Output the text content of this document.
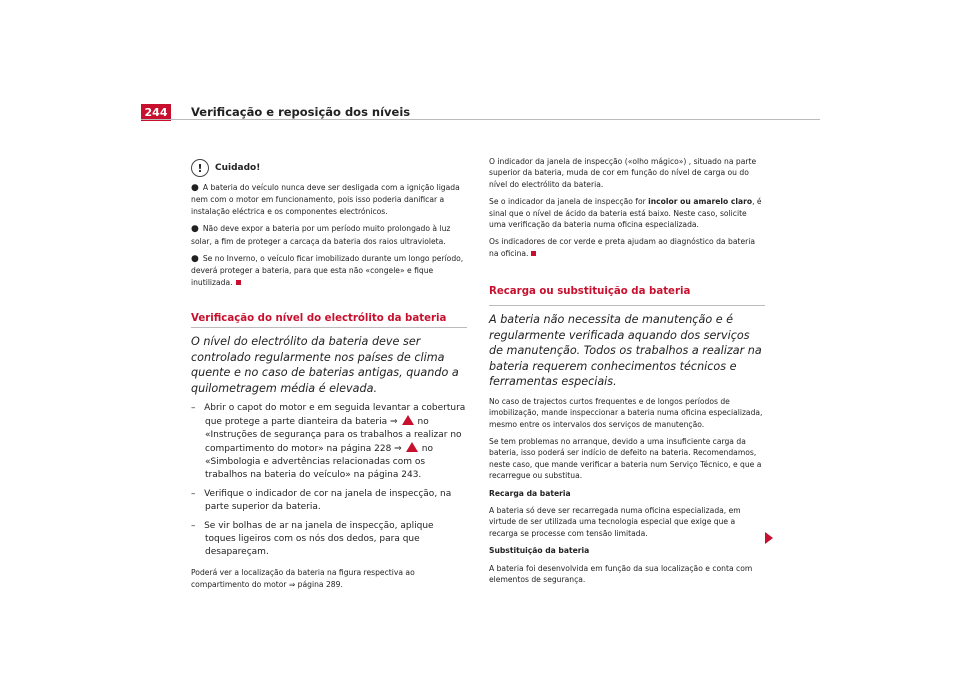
244	Verificação e reposição dos níveis
!	Cuidado!

● A bateria do veículo nunca deve ser desligada com a ignição ligada nem com o motor em funcionamento, pois isso poderia danificar a instalação eléctrica e os componentes electrónicos.

● Não deve expor a bateria por um período muito prolongado à luz solar, a fim de proteger a carcaça da bateria dos raios ultravioleta.

● Se no Inverno, o veículo ficar imobilizado durante um longo período, deverá proteger a bateria, para que esta não «congele» e fique inutilizada.

Verificação do nível do electrólito da bateria

O nível do electrólito da bateria deve ser controlado regularmente nos países de clima quente e no caso de baterias antigas, quando a quilometragem média é elevada.

– Abrir o capot do motor e em seguida levantar a cobertura que protege a parte dianteira da bateria ⇒ no «Instruções de segurança para os trabalhos a realizar no compartimento do motor» na página 228 ⇒ no «Simbologia e advertências relacionadas com os trabalhos na bateria do veículo» na página 243.

– Verifique o indicador de cor na janela de inspecção, na parte superior da bateria.

– Se vir bolhas de ar na janela de inspecção, aplique toques ligeiros com os nós dos dedos, para que desapareçam.

Poderá ver a localização da bateria na figura respectiva ao compartimento do motor ⇒ página 289.

O indicador da janela de inspecção («olho mágico») , situado na parte superior da bateria, muda de cor em função do nível de carga ou do nível do electrólito da bateria.

Se o indicador da janela de inspecção for incolor ou amarelo claro, é sinal que o nível de ácido da bateria está baixo. Neste caso, solicite uma verificação da bateria numa oficina especializada.

Os indicadores de cor verde e preta ajudam ao diagnóstico da bateria na oficina.

Recarga ou substituição da bateria

A bateria não necessita de manutenção e é regularmente verificada aquando dos serviços de manutenção. Todos os trabalhos a realizar na bateria requerem conhecimentos técnicos e ferramentas especiais.

No caso de trajectos curtos frequentes e de longos períodos de imobilização, mande inspeccionar a bateria numa oficina especializada, mesmo entre os intervalos dos serviços de manutenção.

Se tem problemas no arranque, devido a uma insuficiente carga da bateria, isso poderá ser indício de defeito na bateria. Recomendamos, neste caso, que mande verificar a bateria num Serviço Técnico, e que a recarregue ou substitua.

Recarga da bateria

A bateria só deve ser recarregada numa oficina especializada, em virtude de ser utilizada uma tecnologia especial que exige que a recarga se processe com tensão limitada.

Substituição da bateria

A bateria foi desenvolvida em função da sua localização e conta com elementos de segurança.
